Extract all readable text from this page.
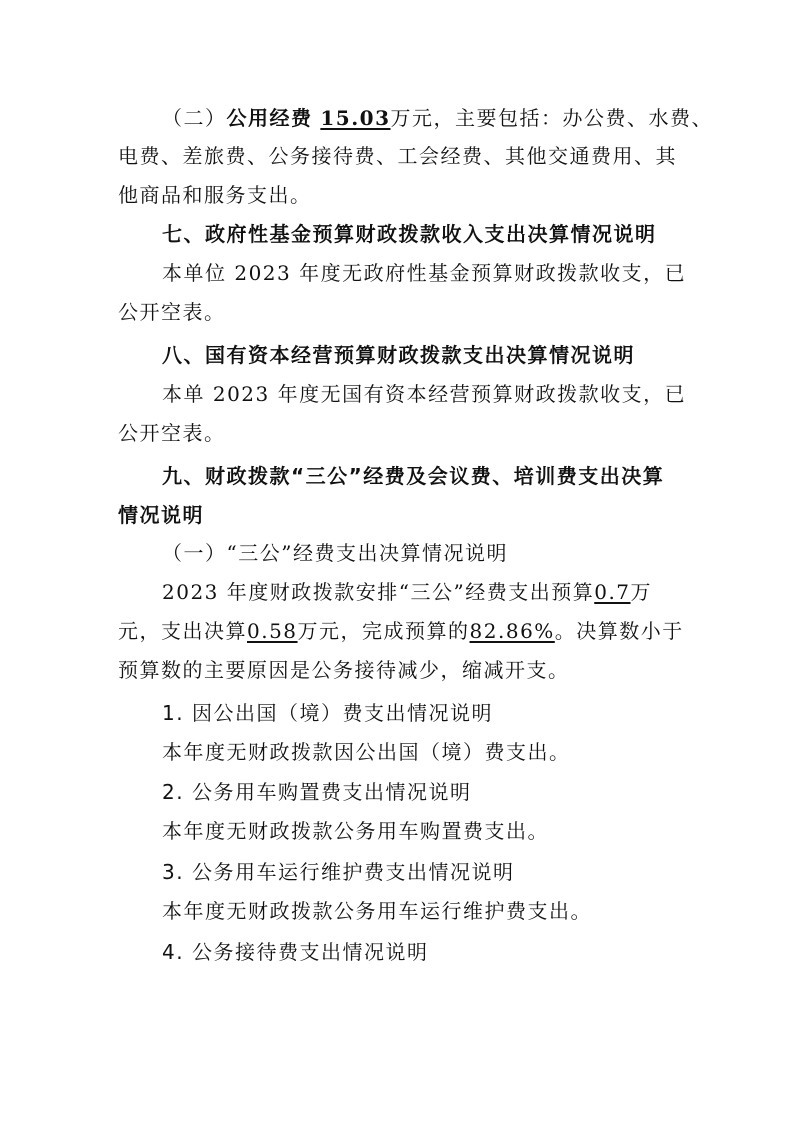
（二）公用经费 15.03万元，主要包括：办公费、水费、

电费、差旅费、公务接待费、工会经费、其他交通费用、其

他商品和服务支出。

七、政府性基金预算财政拨款收入支出决算情况说明

本单位 2023 年度无政府性基金预算财政拨款收支，已

公开空表。

八、国有资本经营预算财政拨款支出决算情况说明

本单 2023 年度无国有资本经营预算财政拨款收支，已

公开空表。

九、财政拨款“三公”经费及会议费、培训费支出决算

情况说明

（一）“三公”经费支出决算情况说明

2023 年度财政拨款安排“三公”经费支出预算0.7万

元，支出决算0.58万元，完成预算的82.86%。决算数小于

预算数的主要原因是公务接待减少，缩减开支。

1. 因公出国（境）费支出情况说明

本年度无财政拨款因公出国（境）费支出。

2. 公务用车购置费支出情况说明

本年度无财政拨款公务用车购置费支出。

3. 公务用车运行维护费支出情况说明

本年度无财政拨款公务用车运行维护费支出。

4. 公务接待费支出情况说明
